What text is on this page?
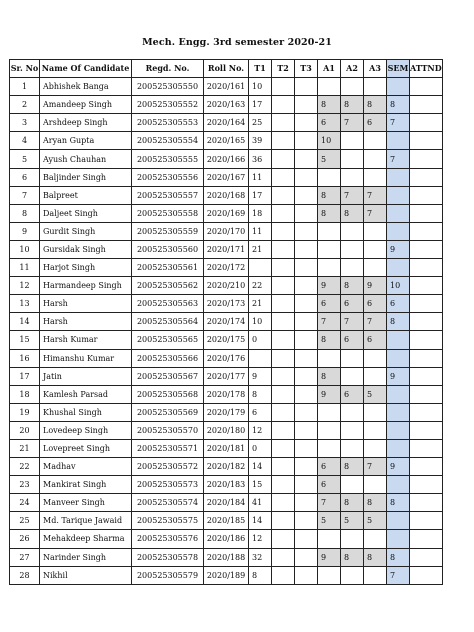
Mech. Engg. 3rd semester 2020-21
Sr. No	Name Of Candidate	Regd. No.	Roll No.	T1	T2	T3	A1	A2	A3	SEM	ATTND
1	Abhishek Banga	200525305550	2020/161	10							
2	Amandeep Singh	200525305552	2020/163	17			8	8	8	8	
3	Arshdeep Singh	200525305553	2020/164	25			6	7	6	7	
4	Aryan Gupta	200525305554	2020/165	39			10				
5	Ayush Chauhan	200525305555	2020/166	36			5			7	
6	Baljinder Singh	200525305556	2020/167	11							
7	Balpreet	200525305557	2020/168	17			8	7	7		
8	Daljeet Singh	200525305558	2020/169	18			8	8	7		
9	Gurdit Singh	200525305559	2020/170	11							
10	Gursidak Singh	200525305560	2020/171	21						9	
11	Harjot Singh	200525305561	2020/172								
12	Harmandeep Singh	200525305562	2020/210	22			9	8	9	10	
13	Harsh	200525305563	2020/173	21			6	6	6	6	
14	Harsh	200525305564	2020/174	10			7	7	7	8	
15	Harsh Kumar	200525305565	2020/175	0			8	6	6		
16	Himanshu Kumar	200525305566	2020/176								
17	Jatin	200525305567	2020/177	9			8			9	
18	Kamlesh Parsad	200525305568	2020/178	8			9	6	5		
19	Khushal Singh	200525305569	2020/179	6							
20	Lovedeep Singh	200525305570	2020/180	12							
21	Lovepreet Singh	200525305571	2020/181	0							
22	Madhav	200525305572	2020/182	14			6	8	7	9	
23	Mankirat Singh	200525305573	2020/183	15			6				
24	Manveer Singh	200525305574	2020/184	41			7	8	8	8	
25	Md. Tarique Jawaid	200525305575	2020/185	14			5	5	5		
26	Mehakdeep Sharma	200525305576	2020/186	12							
27	Narinder Singh	200525305578	2020/188	32			9	8	8	8	
28	Nikhil	200525305579	2020/189	8						7	
